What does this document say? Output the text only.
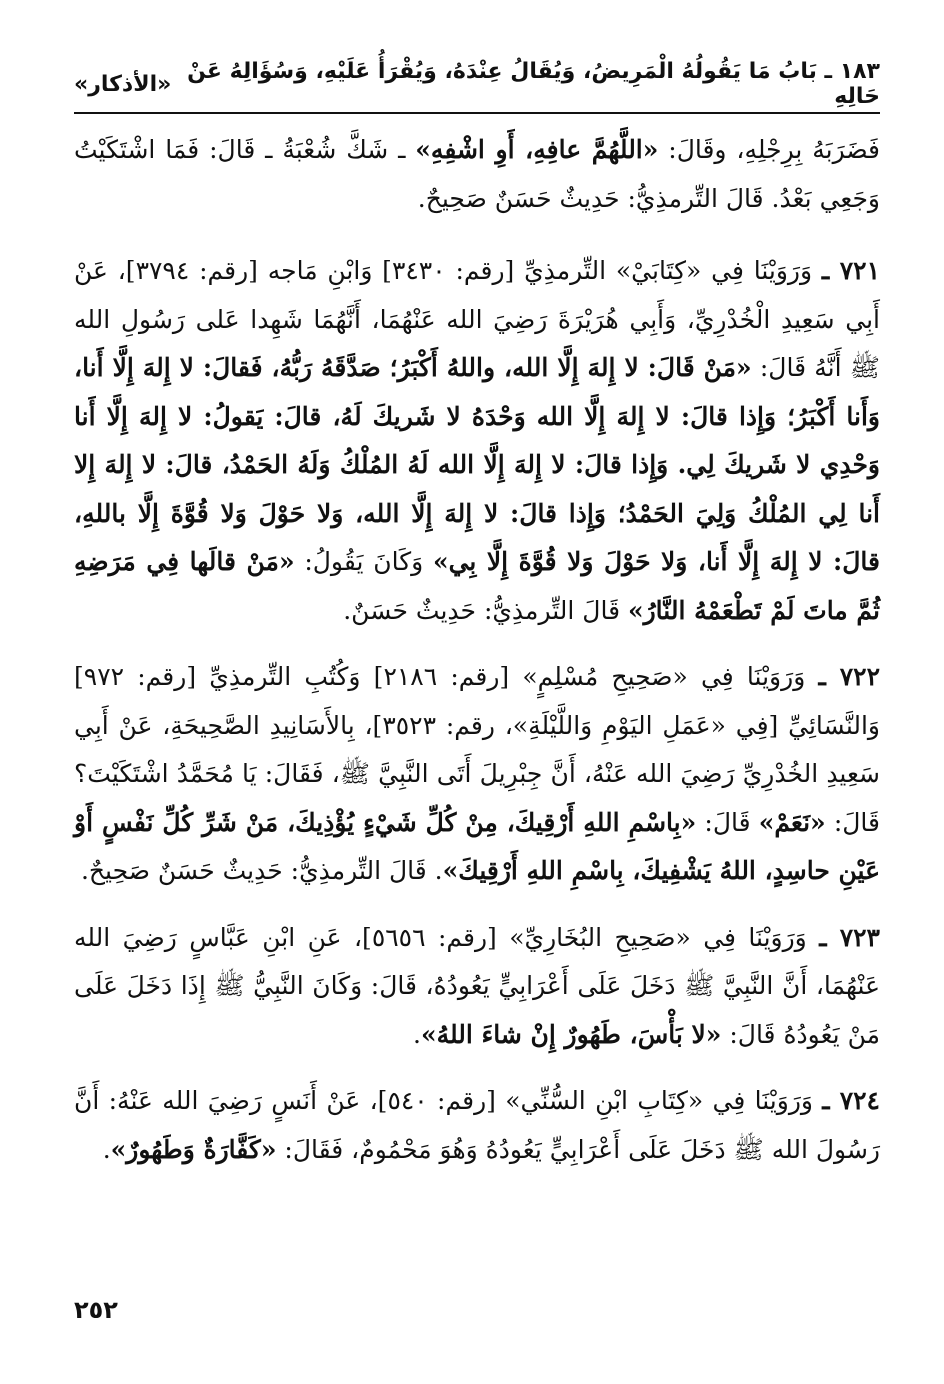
١٨٣ ـ بَابُ مَا يَقُولُهُ الْمَرِيضُ، وَيُقَالُ عِنْدَهُ، وَيُقْرَأُ عَلَيْهِ، وَسُؤَالِهُ عَنْ حَالِهِ
«الأذكار»

فَضَرَبَهُ بِرِجْلِهِ، وقَالَ: «اللَّهُمَّ عافِهِ، أَوِ اشْفِهِ» ـ شَكَّ شُعْبَةُ ـ قَالَ: فَمَا اشْتَكَيْتُ وَجَعِي بَعْدُ. قَالَ التِّرمذِيُّ: حَدِيثٌ حَسَنٌ صَحِيحٌ.

٧٢١ ـ وَرَوَيْنَا فِي «كِتَابَيْ» التِّرمذِيِّ [رقم: ٣٤٣٠] وَابْنِ مَاجه [رقم: ٣٧٩٤]، عَنْ أَبِي سَعِيدِ الْخُدْرِيِّ، وَأَبِي هُرَيْرَةَ رَضِيَ الله عَنْهُمَا، أَنَّهُمَا شَهِدا عَلى رَسُولِ الله ﷺ أَنَّهُ قَالَ: «مَنْ قَالَ: لا إِلهَ إِلَّا الله، واللهُ أَكْبَرُ؛ صَدَّقَهُ رَبُّهُ، فَقالَ: لا إِلهَ إِلَّا أَنا، وَأَنا أَكْبَرُ؛ وَإِذا قالَ: لا إِلهَ إِلَّا الله وَحْدَهُ لا شَريكَ لَهُ، قالَ: يَقولُ: لا إِلهَ إِلَّا أَنا وَحْدِي لا شَريكَ لِي. وَإِذا قالَ: لا إِلهَ إِلَّا الله لَهُ المُلْكُ وَلَهُ الحَمْدُ، قالَ: لا إِلهَ إِلا أَنا لِي المُلْكُ وَلِيَ الحَمْدُ؛ وَإِذا قالَ: لا إِلهَ إِلَّا الله، وَلا حَوْلَ وَلا قُوَّةَ إِلَّا باللهِ، قالَ: لا إِلهَ إِلَّا أَنا، وَلا حَوْلَ وَلا قُوَّةَ إِلَّا بِي» وَكَانَ يَقُولُ: «مَنْ قالَها فِي مَرَضِهِ ثُمَّ ماتَ لَمْ تَطْعَمْهُ النَّارُ» قَالَ التِّرمذِيُّ: حَدِيثٌ حَسَنٌ.

٧٢٢ ـ وَرَوَيْنَا فِي «صَحِيحِ مُسْلِمٍ» [رقم: ٢١٨٦] وَكُتُبِ التِّرمذِيِّ [رقم: ٩٧٢] وَالنَّسَائِيِّ [فِي «عَمَلِ اليَوْمِ وَاللَّيْلَةِ»، رقم: ٣٥٢٣]، بِالأَسَانِيدِ الصَّحِيحَةِ، عَنْ أَبِي سَعِيدِ الخُدْرِيِّ رَضِيَ الله عَنْهُ، أَنَّ جِبْرِيلَ أَتَى النَّبِيَّ ﷺ، فَقَالَ: يَا مُحَمَّدُ اشْتَكَيْتَ؟ قَالَ: «نَعَمْ» قَالَ: «بِاسْمِ اللهِ أَرْقِيكَ، مِنْ كُلِّ شَيْءٍ يُؤْذِيكَ، مَنْ شَرِّ كُلِّ نَفْسٍ أَوْ عَيْنِ حاسِدٍ، اللهُ يَشْفِيكَ، بِاسْمِ اللهِ أَرْقِيكَ». قَالَ التِّرمذِيُّ: حَدِيثٌ حَسَنٌ صَحِيحٌ.

٧٢٣ ـ وَرَوَيْنَا فِي «صَحِيحِ البُخَارِيِّ» [رقم: ٥٦٥٦]، عَنِ ابْنِ عَبَّاسٍ رَضِيَ الله عَنْهُمَا، أَنَّ النَّبِيَّ ﷺ دَخَلَ عَلَى أَعْرَابِيٍّ يَعُودُهُ، قَالَ: وَكَانَ النَّبِيُّ ﷺ إِذَا دَخَلَ عَلَى مَنْ يَعُودُهُ قَالَ: «لا بَأْسَ، طَهُورٌ إِنْ شاءَ اللهُ».

٧٢٤ ـ وَرَوَيْنَا فِي «كِتَابِ ابْنِ السُّنِّي» [رقم: ٥٤٠]، عَنْ أَنَسٍ رَضِيَ الله عَنْهُ: أَنَّ رَسُولَ الله ﷺ دَخَلَ عَلَى أَعْرَابِيٍّ يَعُودُهُ وَهُوَ مَحْمُومٌ، فَقَالَ: «كَفَّارَةٌ وَطَهُورٌ».

٢٥٢
